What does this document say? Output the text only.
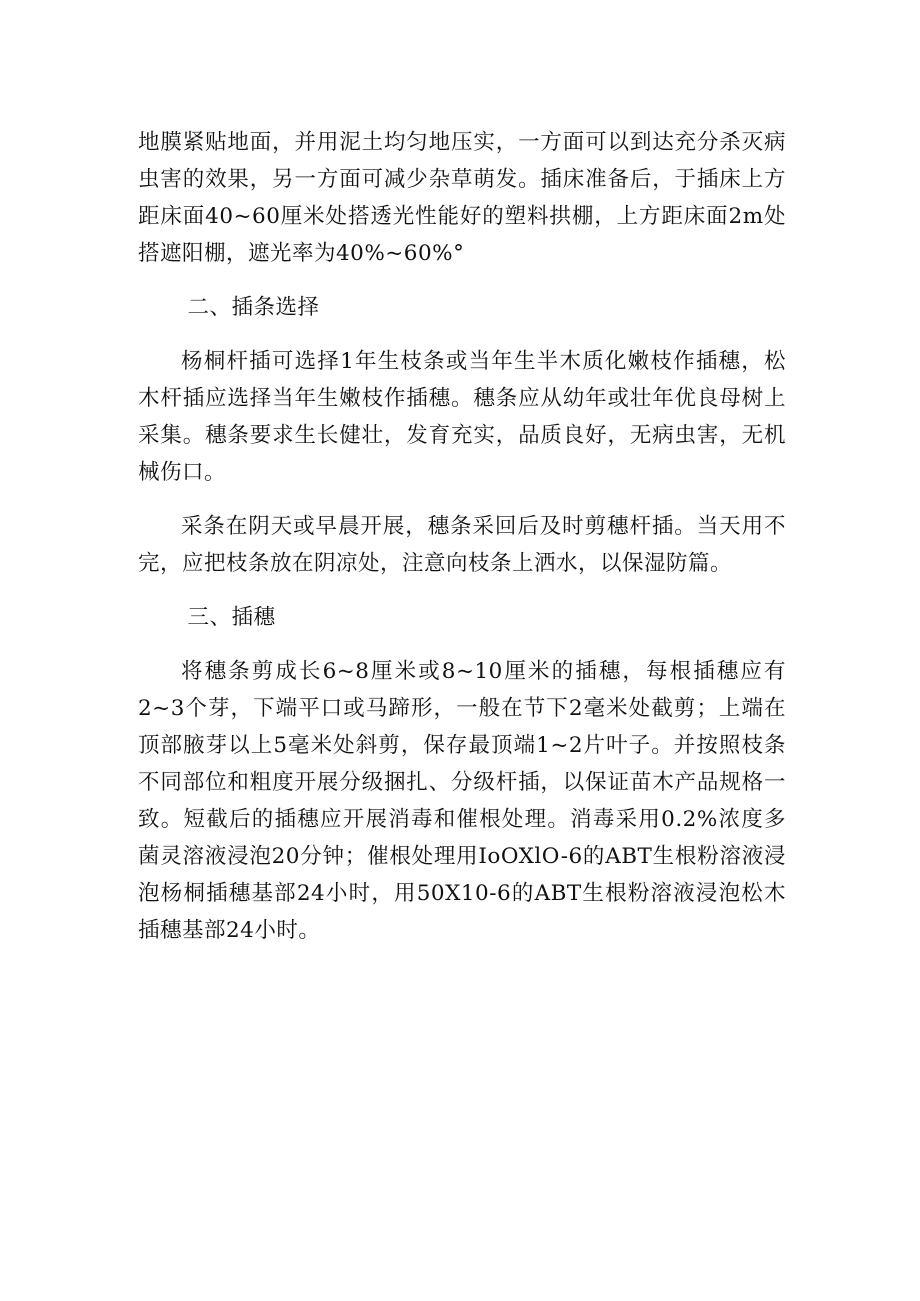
地膜紧贴地面，并用泥土均匀地压实，一方面可以到达充分杀灭病虫害的效果，另一方面可减少杂草萌发。插床准备后，于插床上方距床面40~60厘米处搭透光性能好的塑料拱棚，上方距床面2m处搭遮阳棚，遮光率为40%~60%°

二、插条选择

杨桐杆插可选择1年生枝条或当年生半木质化嫩枝作插穗，松木杆插应选择当年生嫩枝作插穗。穗条应从幼年或壮年优良母树上采集。穗条要求生长健壮，发育充实，品质良好，无病虫害，无机械伤口。

采条在阴天或早晨开展，穗条采回后及时剪穗杆插。当天用不完，应把枝条放在阴凉处，注意向枝条上洒水，以保湿防篇。

三、插穗

将穗条剪成长6~8厘米或8~10厘米的插穗，每根插穗应有2~3个芽，下端平口或马蹄形，一般在节下2毫米处截剪；上端在顶部腋芽以上5毫米处斜剪，保存最顶端1~2片叶子。并按照枝条不同部位和粗度开展分级捆扎、分级杆插，以保证苗木产品规格一致。短截后的插穗应开展消毒和催根处理。消毒采用0.2%浓度多菌灵溶液浸泡20分钟；催根处理用IoOXlO-6的ABT生根粉溶液浸泡杨桐插穗基部24小时，用50X10-6的ABT生根粉溶液浸泡松木插穗基部24小时。
